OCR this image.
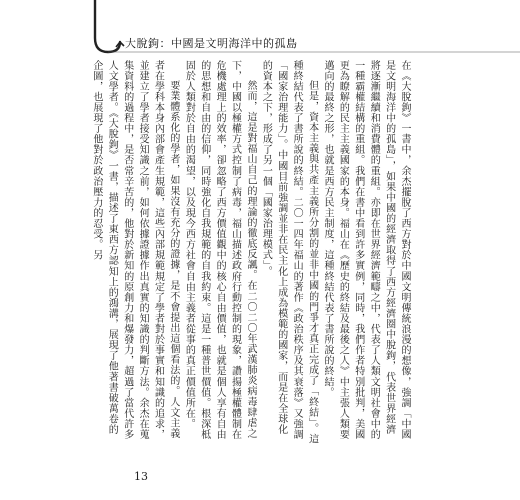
大脫鉤：中國是文明海洋中的孤島

在《大脫鉤》一書中，余杰擺脫了西方對於中國文明傳統浪漫的想像，強調「中國是文明海洋中的孤島」，如果中國的經濟取得了西方經濟圈中脫鉤，代表世界經濟將逐漸繼續和消費體的重組。亦即在世界經濟範疇之中，代表了人類文明社會中的一種霸權結構的重組。我們在書中看到許多實例，同時，我們作者特別批判，美國更為瞭解的民主主義國家的本身。福山在《歷史的終結及最後之人》中主張人類要邁向的最終之形，也就是西方民主制度，這種終結代表了書所說的終結。

但是，資本主義與共產主義所分割的並非中國的門爭才真正完成了「終結」。這種終結代表了書所說的終結。二〇一四年福山的著作《政治秩序及其衰落》又強調「國家治理能力」。中國目前強調並非在民主化上成為模範的國家，而是在全球化的資本之下，形成了另一個「國家治理模式」。

然而，這是對福山自己的理論的徹底反諷。在二〇二〇年武漢肺炎病毒肆虐之下，中國以極權方式控制了病毒，福山描述政府行動控制的現象，讚揚極權體制在危機處理上的效率，卻忽略了西方價值觀中的核心自由價值，也就是個人享有自由的思想和自由的信仰，同時強化自我規範的自我約束。這是一種普世價值。根深柢固於人類對於自由的渴望，以及現今西方社會自由主義者從事的真正價值所在。

要業體系化的學者，如果沒有充分的證據，是不會提出這個看法的。人文主義者在學科本身內部會產生規範，這些內部規範規定了學者對於事實和知識的追求，並建立了學者接受知識之前，如何依據證據作出真實的知識的判斷方法。余杰在蒐集資料的過程中，是否常辛苦的，他對於新知的原創力和爆發力，超過了當代許多人文學者。《大脫鉤》一書，描述了東西方認知上的鴻溝，展現了他著書破萬卷的企圖，也展現了他對於政治壓力的忍受。另

13
